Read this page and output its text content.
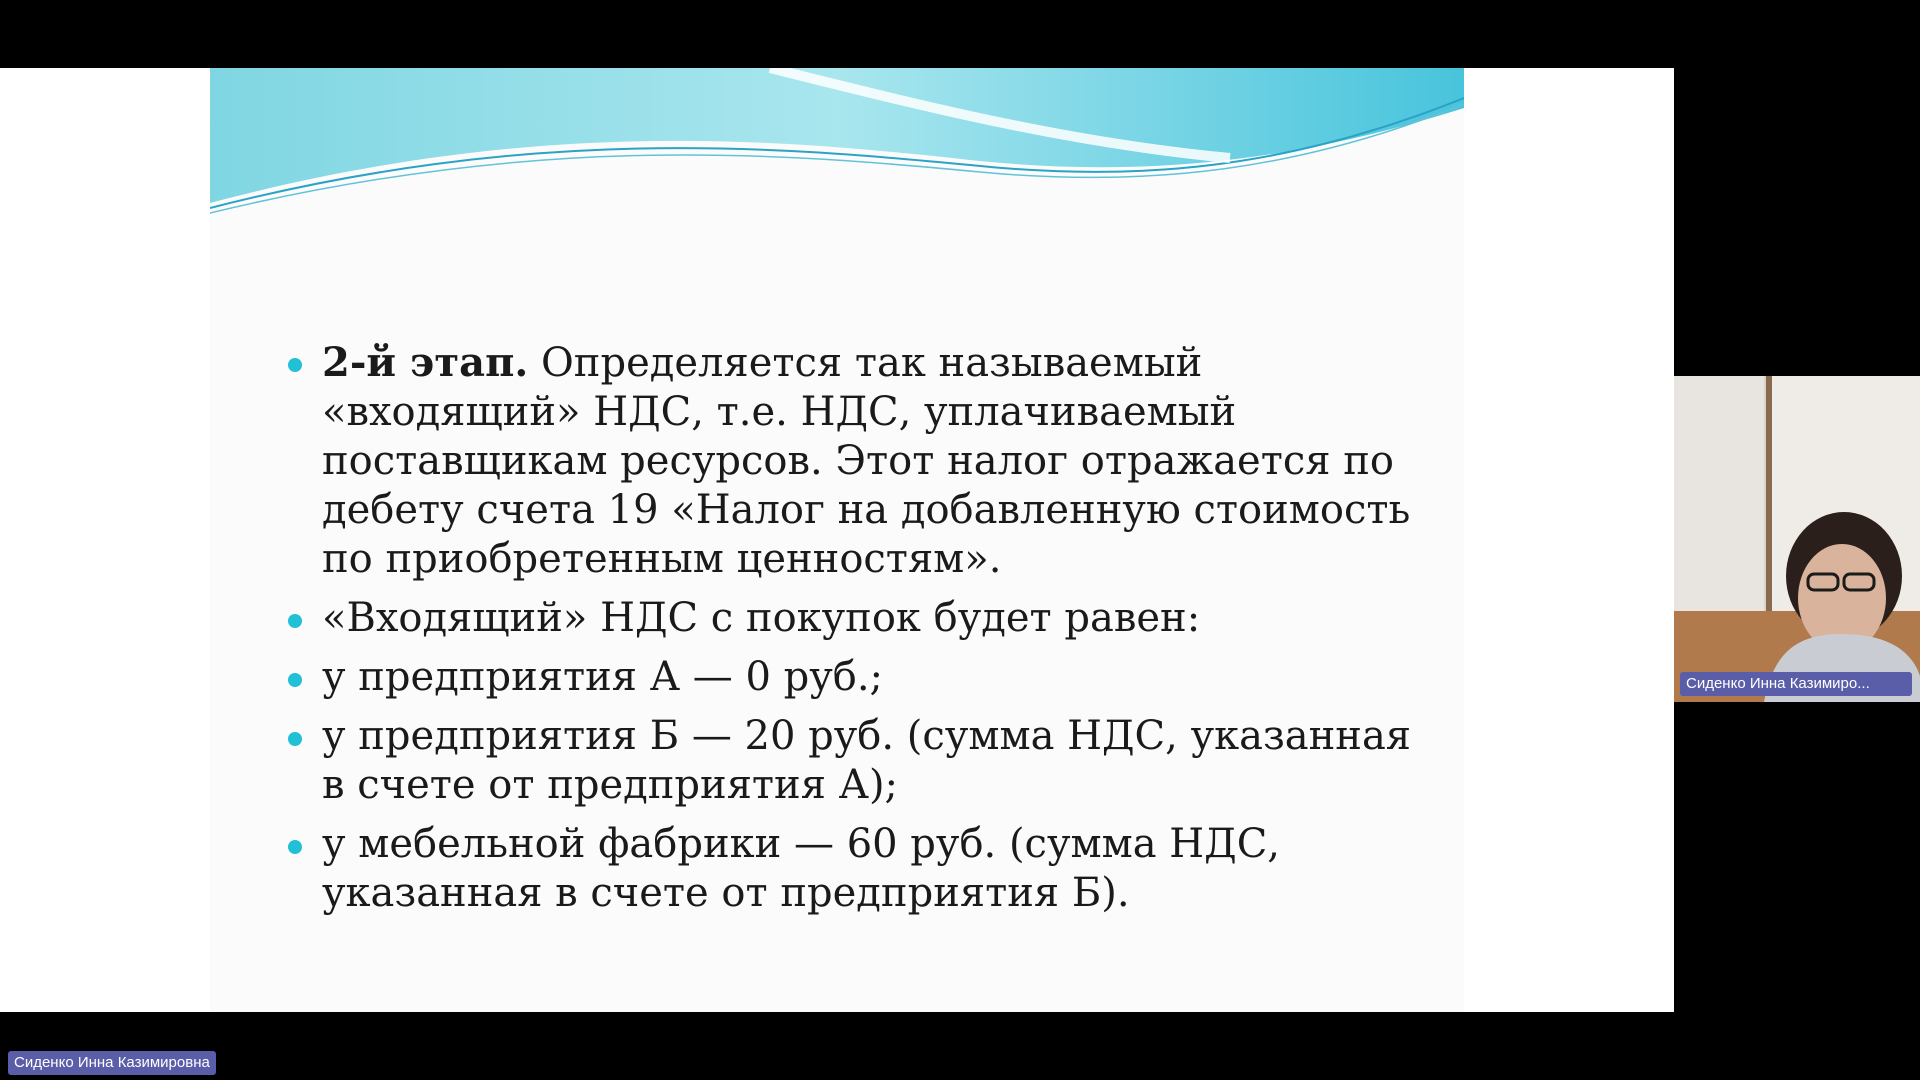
2-й этап. Определяется так называемый «входящий» НДС, т.е. НДС, уплачиваемый поставщикам ресурсов. Этот налог отражается по дебету счета 19 «Налог на добавленную стоимость по приобретенным ценностям».
«Входящий» НДС с покупок будет равен:
у предприятия А — 0 руб.;
у предприятия Б — 20 руб. (сумма НДС, указанная в счете от предприятия А);
у мебельной фабрики — 60 руб. (сумма НДС, указанная в счете от предприятия Б).
Сиденко Инна Казимиро...
Сиденко Инна Казимировна
